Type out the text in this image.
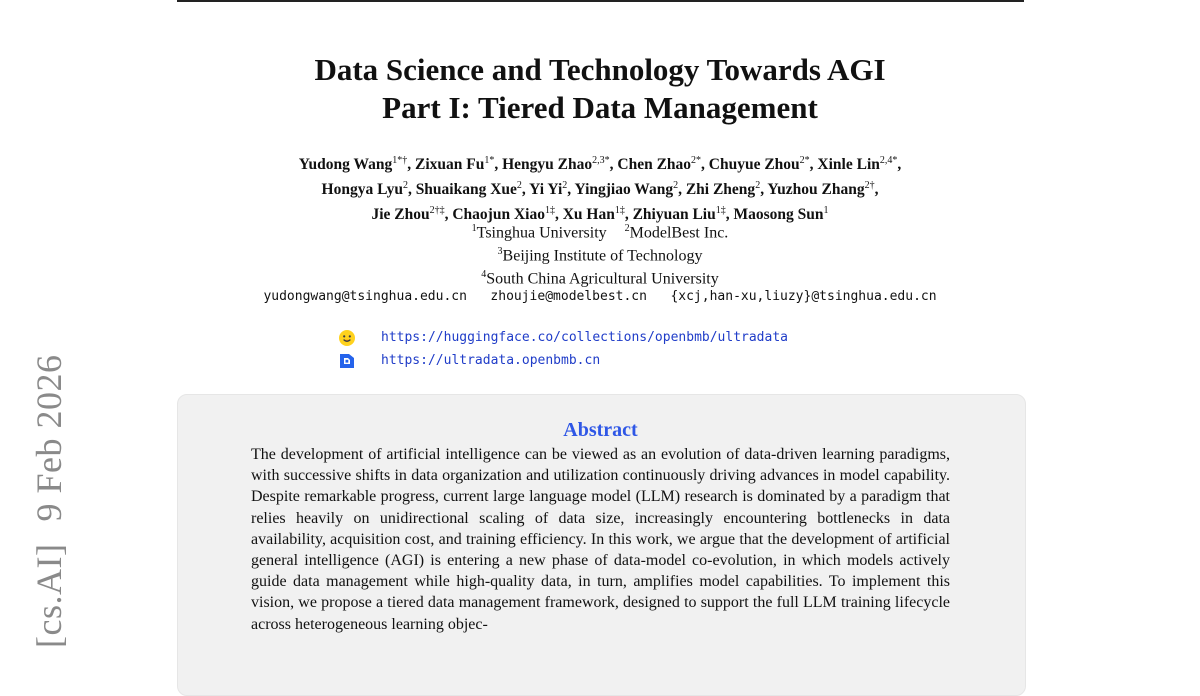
[cs.AI]9 Feb 2026
Data Science and Technology Towards AGI
Part I: Tiered Data Management
Yudong Wang$^{1*\dagger}$, Zixuan $Fu^{1*}$, Hengyu Zhao$^{2,3*}$, Chen Zhao$^{2*}$, Chuyue Zhou$^{2*}$, Xinle Lin$^{2,4*}$,
Hongya Lyu$^2$, Shuaikang Xue$^2$, Yi Yi$^2$, Yingjiao Wang$^2$, Zhi Zheng$^2$, Yuzhou Zhang$^{2\dagger}$,
Jie Zhou$^{2\dagger\ddagger}$, Chaojun Xiao$^{1\ddagger}$, Xu Han$^{1\ddagger}$, Zhiyuan Liu$^{1\ddagger}$, Maosong Sun$^1$
$^1$Tsinghua University $^2$ModelBest Inc.
$^3$Beijing Institute of Technology
$^4$South China Agricultural University
yudongwang@tsinghua.edu.cn zhoujie@modelbest.cn {xcj,han-xu,liuzy}@tsinghua.edu.cn
https://huggingface.co/collections/openbmb/ultradata
https://ultradata.openbmb.cn
Abstract
The development of artificial intelligence can be viewed as an evolution of data-driven learning paradigms, with successive shifts in data organization and utilization continuously driving advances in model capability. Despite remarkable progress, current large language model (LLM) research is dominated by a paradigm that relies heavily on unidirectional scaling of data size, increasingly encountering bottlenecks in data availability, acquisition cost, and training efficiency. In this work, we argue that the development of artificial general intelligence (AGI) is entering a new phase of data-model co-evolution, in which models actively guide data management while high-quality data, in turn, amplifies model capabilities. To implement this vision, we propose a tiered data management framework, designed to support the full LLM training lifecycle across heterogeneous learning objec-
